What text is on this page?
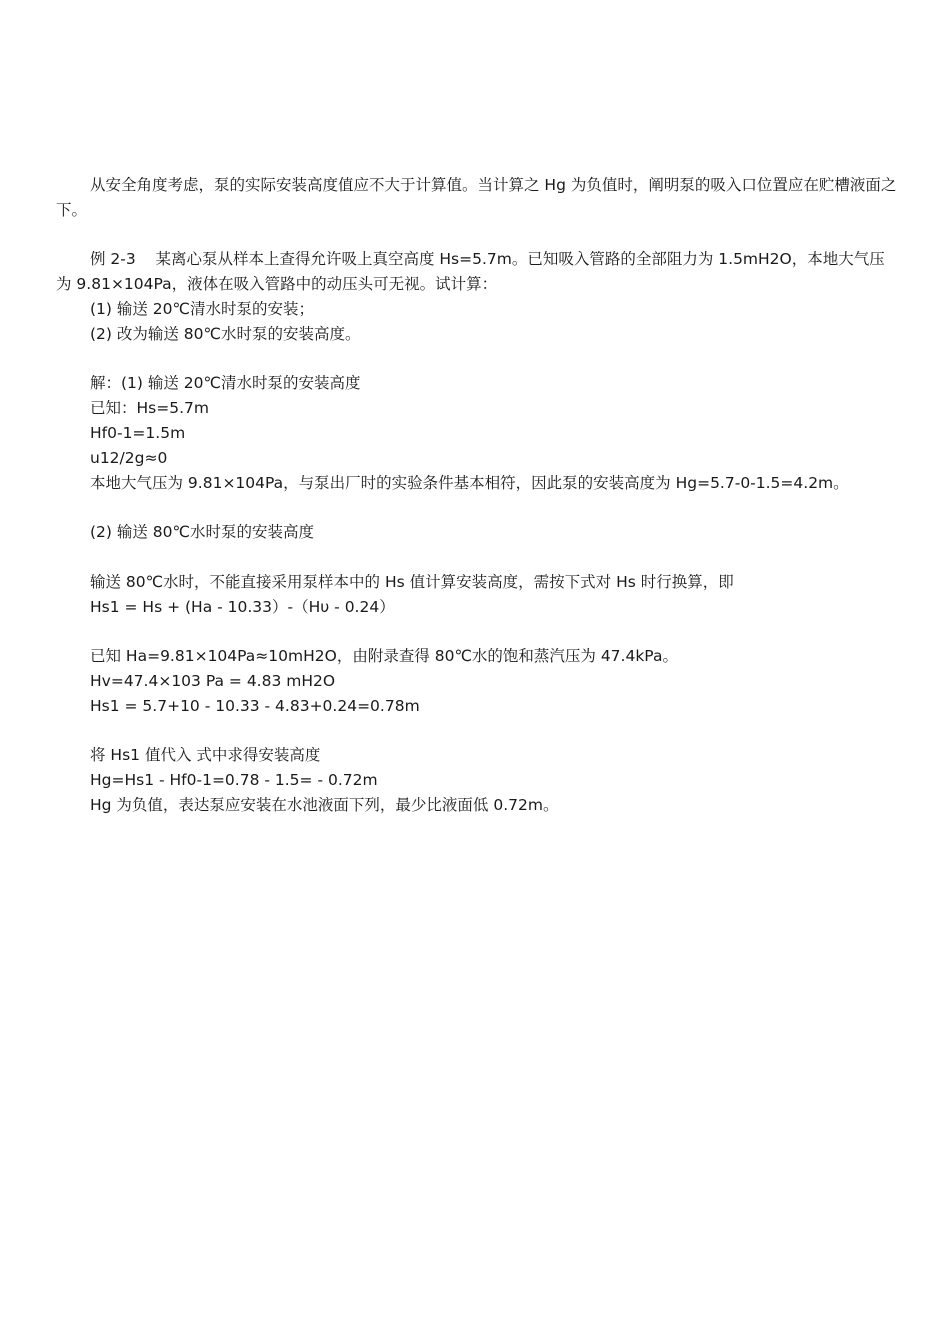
从安全角度考虑，泵的实际安装高度值应不大于计算值。当计算之 Hg 为负值时，阐明泵的吸入口位置应在贮槽液面之下。

例 2-3    某离心泵从样本上查得允许吸上真空高度 Hs=5.7m。已知吸入管路的全部阻力为 1.5mH2O，本地大气压为 9.81×104Pa，液体在吸入管路中的动压头可无视。试计算：

(1) 输送 20℃清水时泵的安装；

(2) 改为输送 80℃水时泵的安装高度。

解：(1) 输送 20℃清水时泵的安装高度

已知：Hs=5.7m

Hf0-1=1.5m

u12/2g≈0

本地大气压为 9.81×104Pa，与泵出厂时的实验条件基本相符，因此泵的安装高度为 Hg=5.7-0-1.5=4.2m。

(2) 输送 80℃水时泵的安装高度

输送 80℃水时，不能直接采用泵样本中的 Hs 值计算安装高度，需按下式对 Hs 时行换算，即

Hs1 = Hs + (Ha - 10.33）-（Hυ - 0.24）

已知 Ha=9.81×104Pa≈10mH2O，由附录查得 80℃水的饱和蒸汽压为 47.4kPa。

Hv=47.4×103 Pa = 4.83 mH2O

Hs1 = 5.7+10 - 10.33 - 4.83+0.24=0.78m

将 Hs1 值代入 式中求得安装高度

Hg=Hs1 - Hf0-1=0.78 - 1.5= - 0.72m

Hg 为负值，表达泵应安装在水池液面下列，最少比液面低 0.72m。
